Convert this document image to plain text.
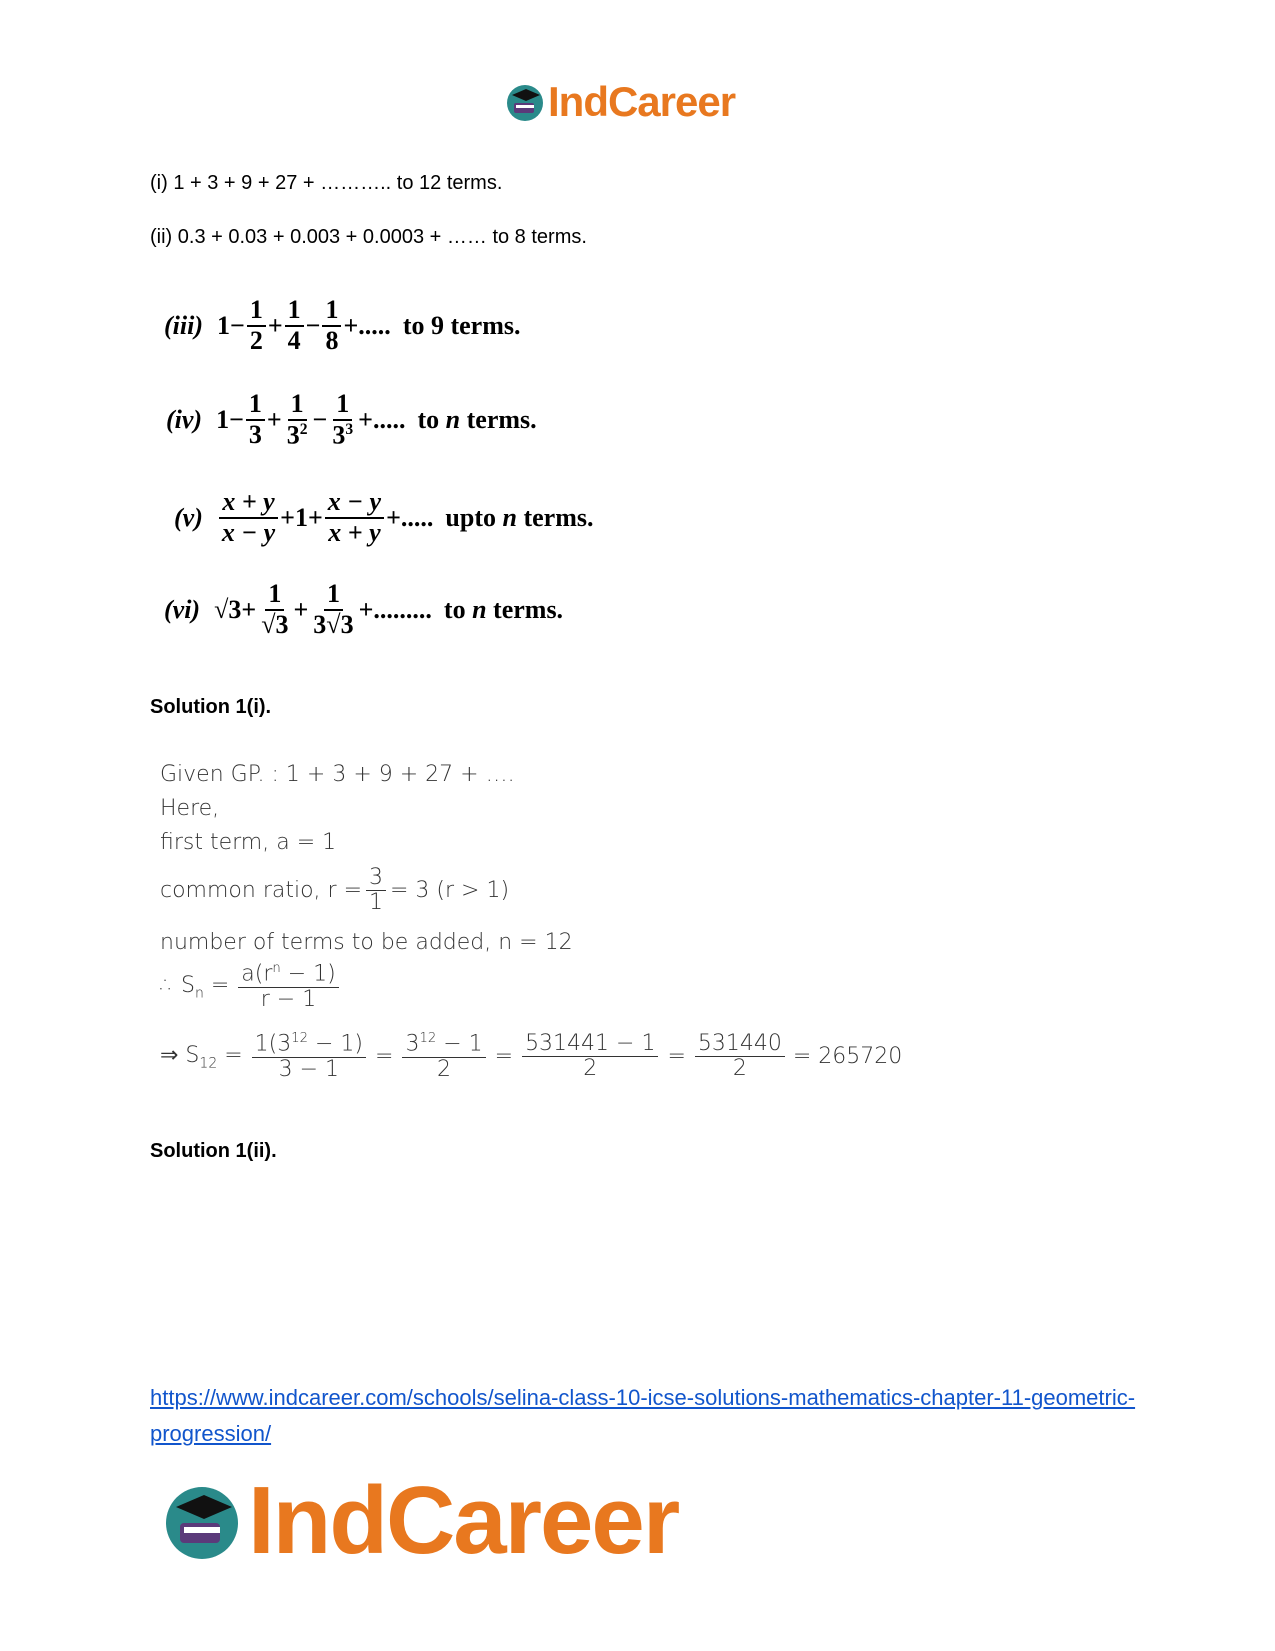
IndCareer
(i) 1 + 3 + 9 + 27 + ……….. to 12 terms.
(ii) 0.3 + 0.03 + 0.003 + 0.0003 + …… to 8 terms.
(iii) $1- \frac{1}{2} + \frac{1}{4} - \frac{1}{8}$ +..... to 9 terms.
(iv) $1- \frac{1}{3} + \frac{1}{3^2} - \frac{1}{3^3}$ +..... to n terms.
$(v) \frac{x + y}{x - y} +1+ \frac{x - y}{x + y}$ +..... upto n terms.
(vi) $√3+ \frac{1}{√3} + \frac{1}{3√3}$ +......... to n terms.
Solution 1(i).
Given GP. : 1 + 3 + 9 + 27 + ….
Here,
first term, a = 1
common ratio, $r = \frac{3}{1} = 3$ (r > 1)
number of terms to be added, n = 12
∴ $S_n = \frac{a(r^n - 1)}{r - 1}$
⇒ $S_{12} = \frac{1(3^{12} - 1)}{3 - 1} = \frac{3^{12} - 1}{2} = \frac{531441 - 1}{2} = \frac{531440}{2} = 265720$
Solution 1(ii).
https://www.indcareer.com/schools/selina-class-10-icse-solutions-mathematics-chapter-11-geometric-progression/
IndCareer
